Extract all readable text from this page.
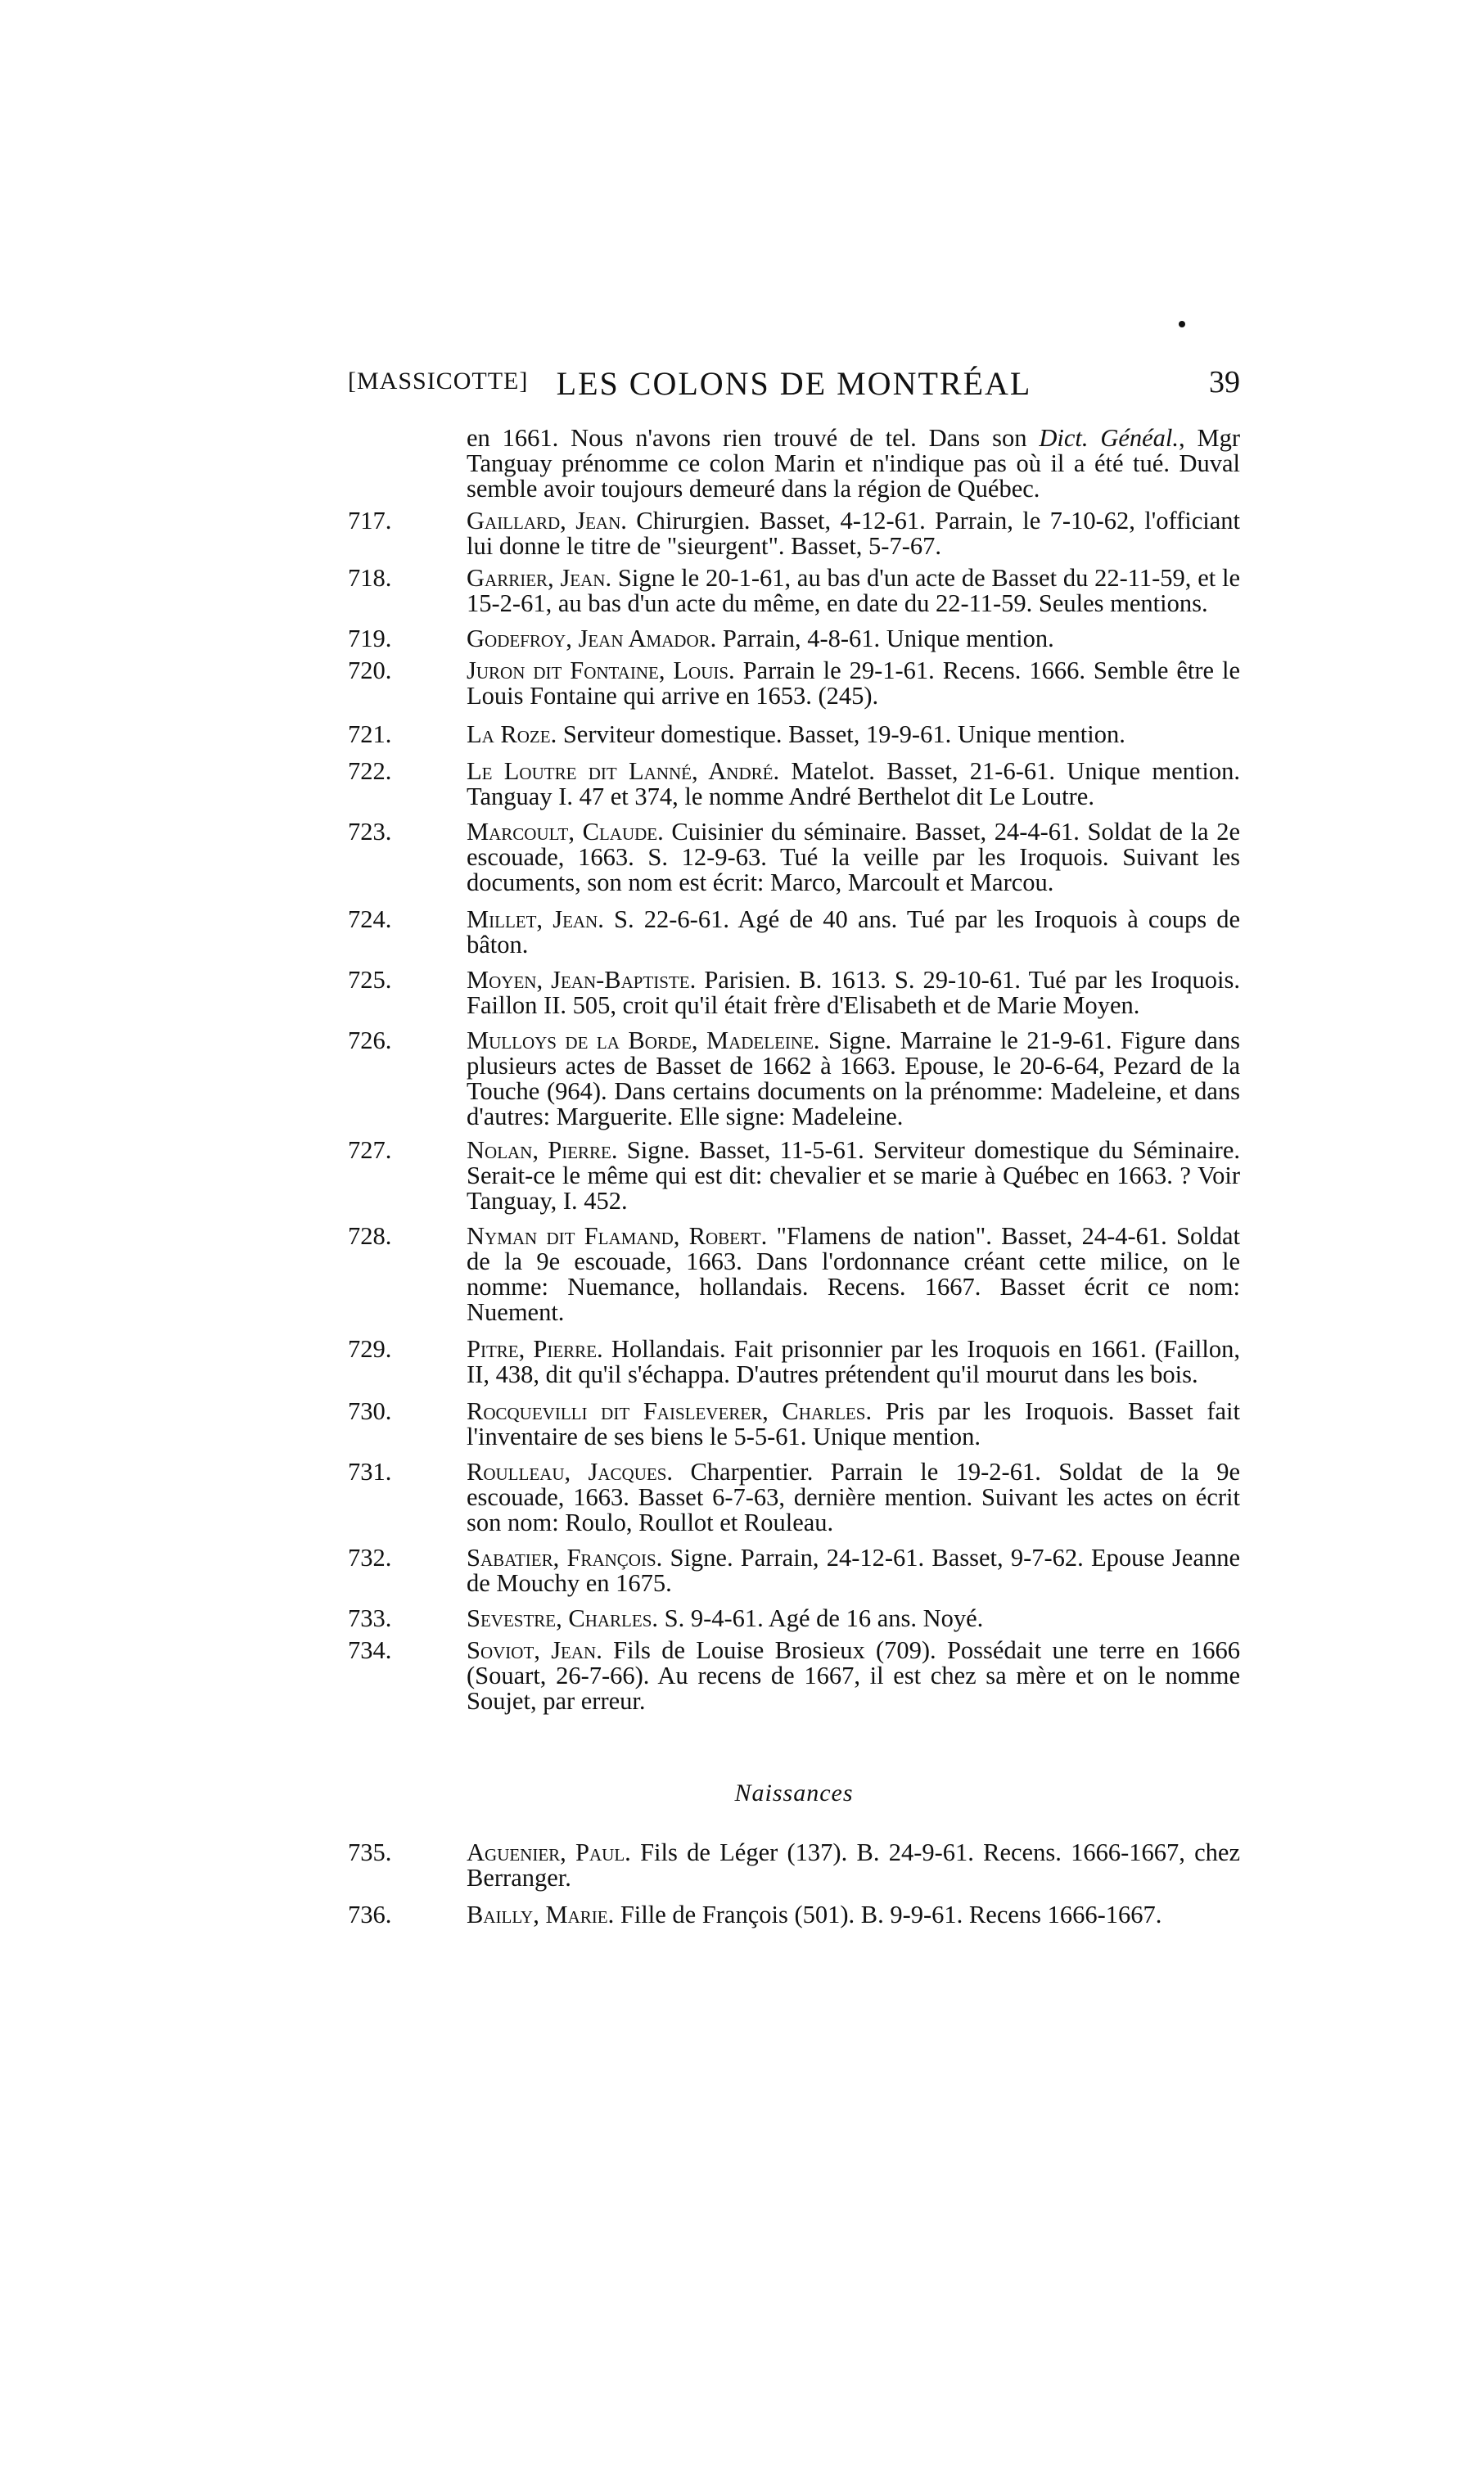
[MASSICOTTE] LES COLONS DE MONTRÉAL	39
en 1661. Nous n'avons rien trouvé de tel. Dans son Dict. Généal., Mgr Tanguay prénomme ce colon Marin et n'indique pas où il a été tué. Duval semble avoir toujours demeuré dans la région de Québec.
717.	Gaillard, Jean. Chirurgien. Basset, 4-12-61. Parrain, le 7-10-62, l'officiant lui donne le titre de "sieurgent". Basset, 5-7-67.
718.	Garrier, Jean. Signe le 20-1-61, au bas d'un acte de Basset du 22-11-59, et le 15-2-61, au bas d'un acte du même, en date du 22-11-59. Seules mentions.
719.	Godefroy, Jean Amador. Parrain, 4-8-61. Unique mention.
720.	Juron dit Fontaine, Louis. Parrain le 29-1-61. Recens. 1666. Semble être le Louis Fontaine qui arrive en 1653. (245).
721.	La Roze. Serviteur domestique. Basset, 19-9-61. Unique mention.
722.	Le Loutre dit Lanné, André. Matelot. Basset, 21-6-61. Unique mention. Tanguay I. 47 et 374, le nomme André Berthelot dit Le Loutre.
723.	Marcoult, Claude. Cuisinier du séminaire. Basset, 24-4-61. Soldat de la 2e escouade, 1663. S. 12-9-63. Tué la veille par les Iroquois. Suivant les documents, son nom est écrit: Marco, Marcoult et Marcou.
724.	Millet, Jean. S. 22-6-61. Agé de 40 ans. Tué par les Iroquois à coups de bâton.
725.	Moyen, Jean-Baptiste. Parisien. B. 1613. S. 29-10-61. Tué par les Iroquois. Faillon II. 505, croit qu'il était frère d'Elisabeth et de Marie Moyen.
726.	Mulloys de la Borde, Madeleine. Signe. Marraine le 21-9-61. Figure dans plusieurs actes de Basset de 1662 à 1663. Epouse, le 20-6-64, Pezard de la Touche (964). Dans certains documents on la prénomme: Madeleine, et dans d'autres: Marguerite. Elle signe: Madeleine.
727.	Nolan, Pierre. Signe. Basset, 11-5-61. Serviteur domestique du Séminaire. Serait-ce le même qui est dit: chevalier et se marie à Québec en 1663. ? Voir Tanguay, I. 452.
728.	Nyman dit Flamand, Robert. "Flamens de nation". Basset, 24-4-61. Soldat de la 9e escouade, 1663. Dans l'ordonnance créant cette milice, on le nomme: Nuemance, hollandais. Recens. 1667. Basset écrit ce nom: Nuement.
729.	Pitre, Pierre. Hollandais. Fait prisonnier par les Iroquois en 1661. (Faillon, II, 438, dit qu'il s'échappa. D'autres prétendent qu'il mourut dans les bois.
730.	Rocquevilli dit Faisleverer, Charles. Pris par les Iroquois. Basset fait l'inventaire de ses biens le 5-5-61. Unique mention.
731.	Roulleau, Jacques. Charpentier. Parrain le 19-2-61. Soldat de la 9e escouade, 1663. Basset 6-7-63, dernière mention. Suivant les actes on écrit son nom: Roulo, Roullot et Rouleau.
732.	Sabatier, François. Signe. Parrain, 24-12-61. Basset, 9-7-62. Epouse Jeanne de Mouchy en 1675.
733.	Sevestre, Charles. S. 9-4-61. Agé de 16 ans. Noyé.
734.	Soviot, Jean. Fils de Louise Brosieux (709). Possédait une terre en 1666 (Souart, 26-7-66). Au recens de 1667, il est chez sa mère et on le nomme Soujet, par erreur.
Naissances
735.	Aguenier, Paul. Fils de Léger (137). B. 24-9-61. Recens. 1666-1667, chez Berranger.
736.	Bailly, Marie. Fille de François (501). B. 9-9-61. Recens 1666-1667.
